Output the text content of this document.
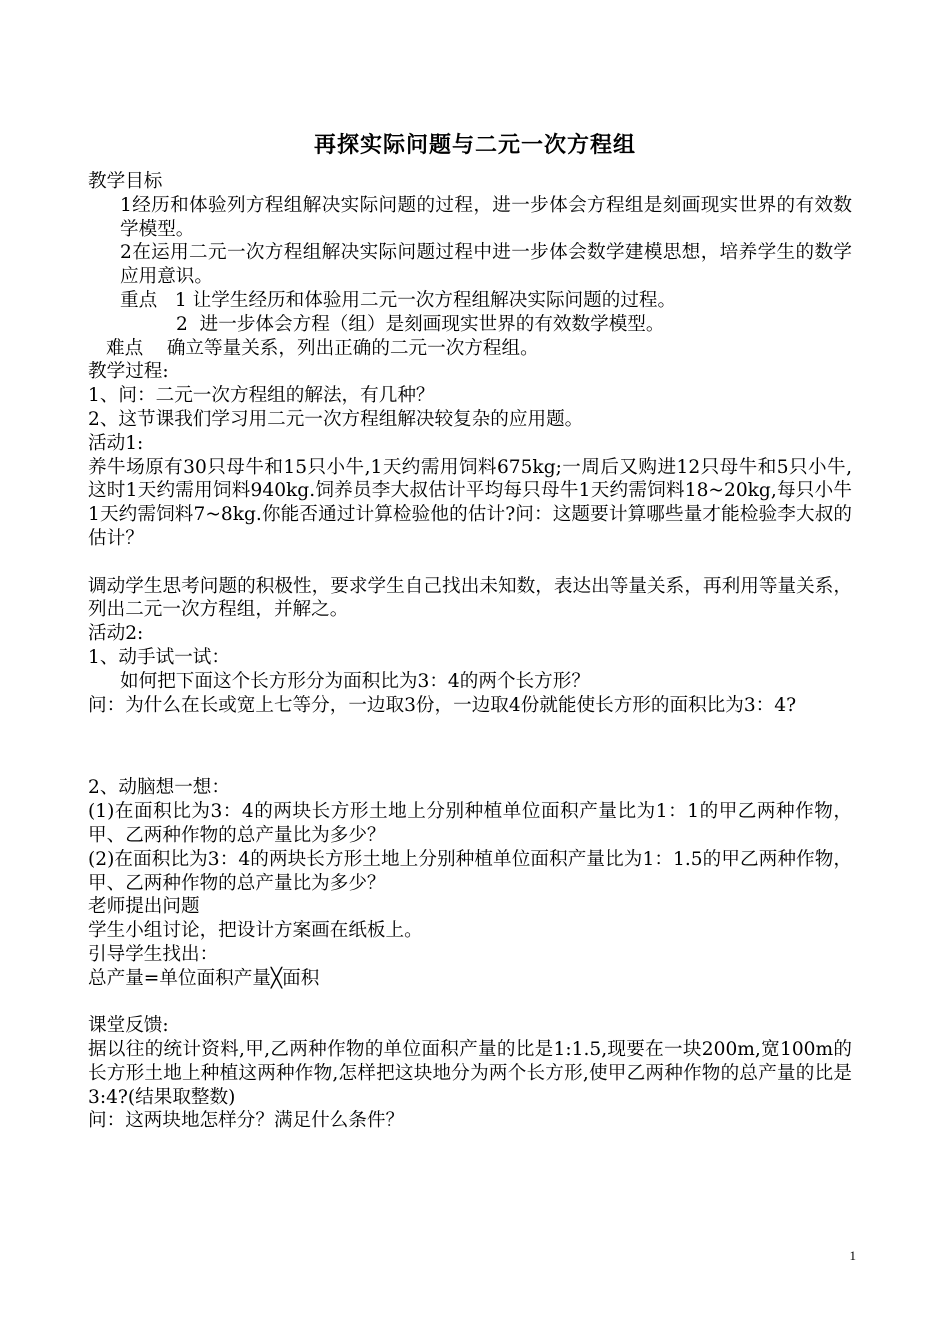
再探实际问题与二元一次方程组

教学目标

1经历和体验列方程组解决实际问题的过程，进一步体会方程组是刻画现实世界的有效数学模型。

2在运用二元一次方程组解决实际问题过程中进一步体会数学建模思想，培养学生的数学应用意识。

重点   1 让学生经历和体验用二元一次方程组解决实际问题的过程。

2  进一步体会方程（组）是刻画现实世界的有效数学模型。

难点    确立等量关系，列出正确的二元一次方程组。

教学过程:

1、问：二元一次方程组的解法，有几种？

2、这节课我们学习用二元一次方程组解决较复杂的应用题。

活动1:

养牛场原有30只母牛和15只小牛,1天约需用饲料675kg;一周后又购进12只母牛和5只小牛,这时1天约需用饲料940kg.饲养员李大叔估计平均每只母牛1天约需饲料18~20kg,每只小牛1天约需饲料7~8kg.你能否通过计算检验他的估计?问：这题要计算哪些量才能检验李大叔的估计？

调动学生思考问题的积极性，要求学生自己找出未知数，表达出等量关系，再利用等量关系，列出二元一次方程组，并解之。

活动2:

1、动手试一试：

如何把下面这个长方形分为面积比为3：4的两个长方形？

问：为什么在长或宽上七等分，一边取3份，一边取4份就能使长方形的面积比为3：4?

2、动脑想一想：

(1)在面积比为3：4的两块长方形土地上分别种植单位面积产量比为1：1的甲乙两种作物，甲、乙两种作物的总产量比为多少？

(2)在面积比为3：4的两块长方形土地上分别种植单位面积产量比为1：1.5的甲乙两种作物，甲、乙两种作物的总产量比为多少？

老师提出问题

学生小组讨论，把设计方案画在纸板上。

引导学生找出：

总产量=单位面积产量╳面积

课堂反馈:

据以往的统计资料,甲,乙两种作物的单位面积产量的比是1:1.5,现要在一块200m,宽100m的长方形土地上种植这两种作物,怎样把这块地分为两个长方形,使甲乙两种作物的总产量的比是3:4?(结果取整数)

问：这两块地怎样分？满足什么条件？

1
